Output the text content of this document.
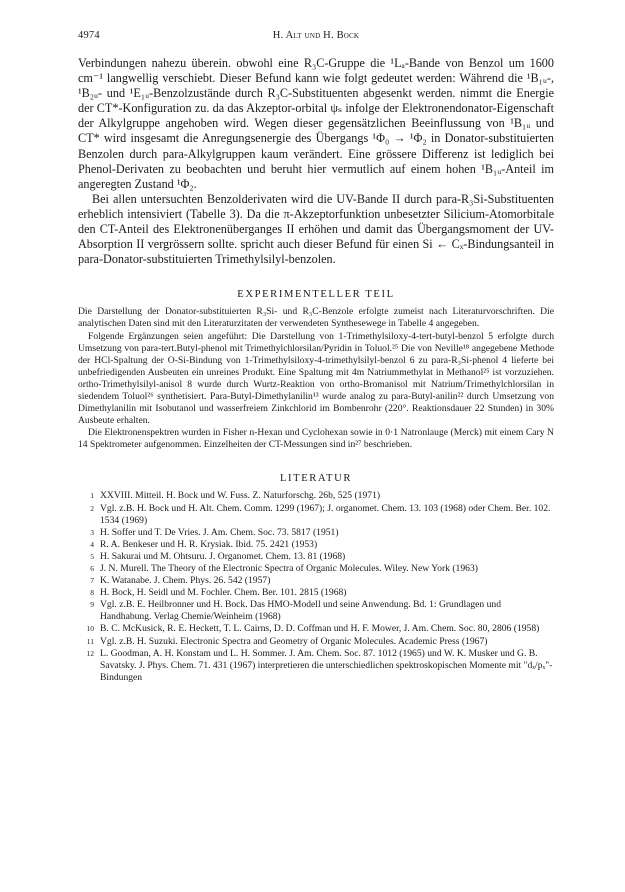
4974	H. Alt und H. Bock

Verbindungen nahezu überein. obwohl eine R₃C-Gruppe die ¹Lₐ-Bande von Benzol um 1600 cm⁻¹ langwellig verschiebt. Dieser Befund kann wie folgt gedeutet werden: Während die ¹B₁ᵤ-, ¹B₂ᵤ- und ¹E₁ᵤ-Benzolzustände durch R₃C-Substituenten abgesenkt werden. nimmt die Energie der CT*-Konfiguration zu. da das Akzeptor-orbital ψₛ infolge der Elektronendonator-Eigenschaft der Alkylgruppe angehoben wird. Wegen dieser gegensätzlichen Beeinflussung von ¹B₁ᵤ und CT* wird insgesamt die Anregungsenergie des Übergangs ¹Φ₀ → ¹Φ₂ in Donator-substituierten Benzolen durch para-Alkylgruppen kaum verändert. Eine grössere Differenz ist lediglich bei Phenol-Derivaten zu beobachten und beruht hier vermutlich auf einem hohen ¹B₁ᵤ-Anteil im angeregten Zustand ¹Φ₂.

Bei allen untersuchten Benzolderivaten wird die UV-Bande II durch para-R₃Si-Substituenten erheblich intensiviert (Tabelle 3). Da die π-Akzeptorfunktion unbesetzter Silicium-Atomorbitale den CT-Anteil des Elektronenüberganges II erhöhen und damit das Übergangsmoment der UV-Absorption II vergrössern sollte. spricht auch dieser Befund für einen Si ← Cₓ-Bindungsanteil in para-Donator-substituierten Trimethylsilyl-benzolen.

EXPERIMENTELLER TEIL

Die Darstellung der Donator-substituierten R₃Si- und R₃C-Benzole erfolgte zumeist nach Literaturvorschriften. Die analytischen Daten sind mit den Literaturzitaten der verwendeten Synthesewege in Tabelle 4 angegeben.

Folgende Ergänzungen seien angeführt: Die Darstellung von 1-Trimethylsiloxy-4-tert-butyl-benzol 5 erfolgte durch Umsetzung von para-tert.Butyl-phenol mit Trimethylchlorsilan/Pyridin in Toluol.²⁵ Die von Neville¹⁸ angegebene Methode der HCl-Spaltung der O-Si-Bindung von 1-Trimethylsiloxy-4-trimethylsilyl-benzol 6 zu para-R₃Si-phenol 4 lieferte bei unbefriedigenden Ausbeuten ein unreines Produkt. Eine Spaltung mit 4m Natriummethylat in Methanol²⁵ ist vorzuziehen. ortho-Trimethylsilyl-anisol 8 wurde durch Wurtz-Reaktion von ortho-Bromanisol mit Natrium/Trimethylchlorsilan in siedendem Toluol²⁶ synthetisiert. Para-Butyl-Dimethylanilin¹³ wurde analog zu para-Butyl-anilin²² durch Umsetzung von Dimethylanilin mit Isobutanol und wasserfreiem Zinkchlorid im Bombenrohr (220°. Reaktionsdauer 22 Stunden) in 30% Ausbeute erhalten.

Die Elektronenspektren wurden in Fisher n-Hexan und Cyclohexan sowie in 0·1 Natronlauge (Merck) mit einem Cary N 14 Spektrometer aufgenommen. Einzelheiten der CT-Messungen sind in²⁷ beschrieben.

LITERATUR
1 XXVIII. Mitteil. H. Bock und W. Fuss. Z. Naturforschg. 26b, 525 (1971)
2 Vgl. z.B. H. Bock und H. Alt. Chem. Comm. 1299 (1967); J. organomet. Chem. 13. 103 (1968) oder Chem. Ber. 102. 1534 (1969)
3 H. Soffer und T. De Vries. J. Am. Chem. Soc. 73. 5817 (1951)
4 R. A. Benkeser und H. R. Krysiak. Ibid. 75. 2421 (1953)
5 H. Sakurai und M. Ohtsuru. J. Organomet. Chem. 13. 81 (1968)
6 J. N. Murell. The Theory of the Electronic Spectra of Organic Molecules. Wiley. New York (1963)
7 K. Watanabe. J. Chem. Phys. 26. 542 (1957)
8 H. Bock, H. Seidl und M. Fochler. Chem. Ber. 101. 2815 (1968)
9 Vgl. z.B. E. Heilbronner und H. Bock. Das HMO-Modell und seine Anwendung. Bd. 1: Grundlagen und Handhabung. Verlag Chemie/Weinheim (1968)
10 B. C. McKusick, R. E. Heckett, T. L. Cairns, D. D. Coffman und H. F. Mower, J. Am. Chem. Soc. 80, 2806 (1958)
11 Vgl. z.B. H. Suzuki. Electronic Spectra and Geometry of Organic Molecules. Academic Press (1967)
12 L. Goodman, A. H. Konstam und L. H. Sommer. J. Am. Chem. Soc. 87. 1012 (1965) und W. K. Musker und G. B. Savatsky. J. Phys. Chem. 71. 431 (1967) interpretieren die unterschiedlichen spektroskopischen Momente mit "dₓ/pₓ"-Bindungen
